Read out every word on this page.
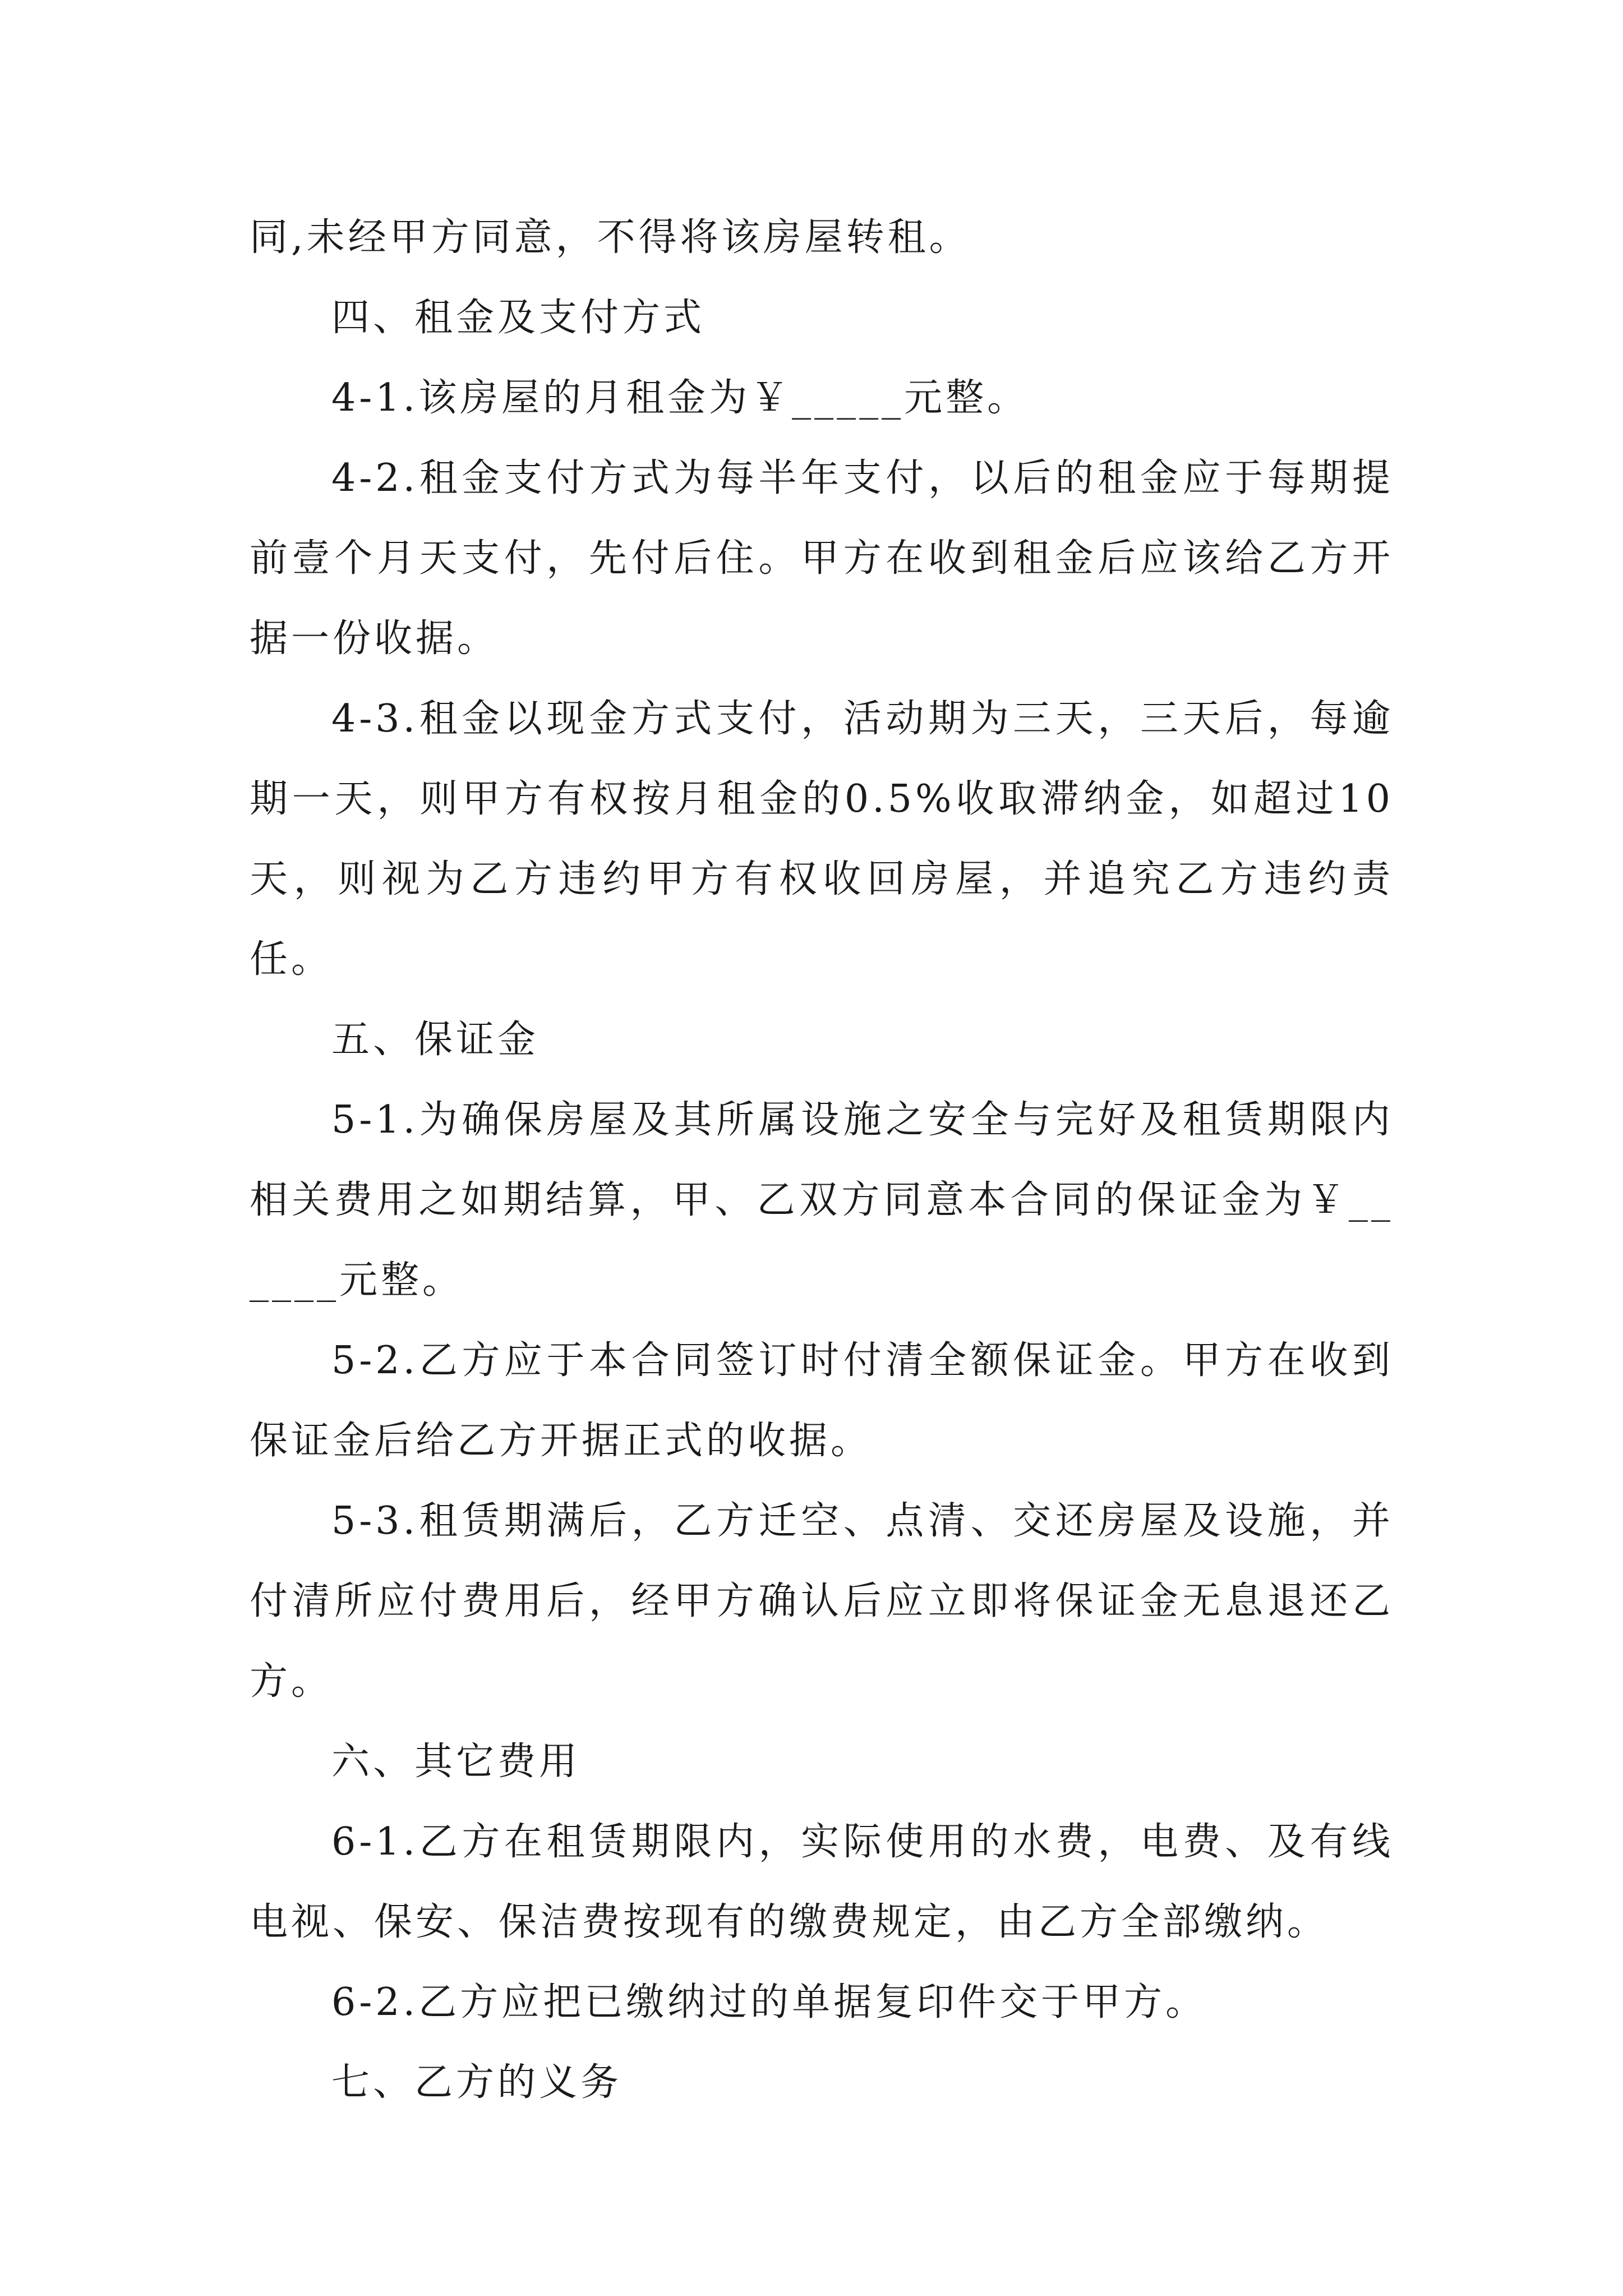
同,未经甲方同意，不得将该房屋转租。

四、租金及支付方式

4-1.该房屋的月租金为￥_____元整。

4-2.租金支付方式为每半年支付，以后的租金应于每期提前壹个月天支付，先付后住。甲方在收到租金后应该给乙方开据一份收据。

4-3.租金以现金方式支付，活动期为三天，三天后，每逾期一天，则甲方有权按月租金的0.5%收取滞纳金，如超过10天，则视为乙方违约甲方有权收回房屋，并追究乙方违约责任。

五、保证金

5-1.为确保房屋及其所属设施之安全与完好及租赁期限内相关费用之如期结算，甲、乙双方同意本合同的保证金为￥______元整。

5-2.乙方应于本合同签订时付清全额保证金。甲方在收到保证金后给乙方开据正式的收据。

5-3.租赁期满后，乙方迁空、点清、交还房屋及设施，并付清所应付费用后，经甲方确认后应立即将保证金无息退还乙方。

六、其它费用

6-1.乙方在租赁期限内，实际使用的水费，电费、及有线电视、保安、保洁费按现有的缴费规定，由乙方全部缴纳。

6-2.乙方应把已缴纳过的单据复印件交于甲方。

七、乙方的义务
